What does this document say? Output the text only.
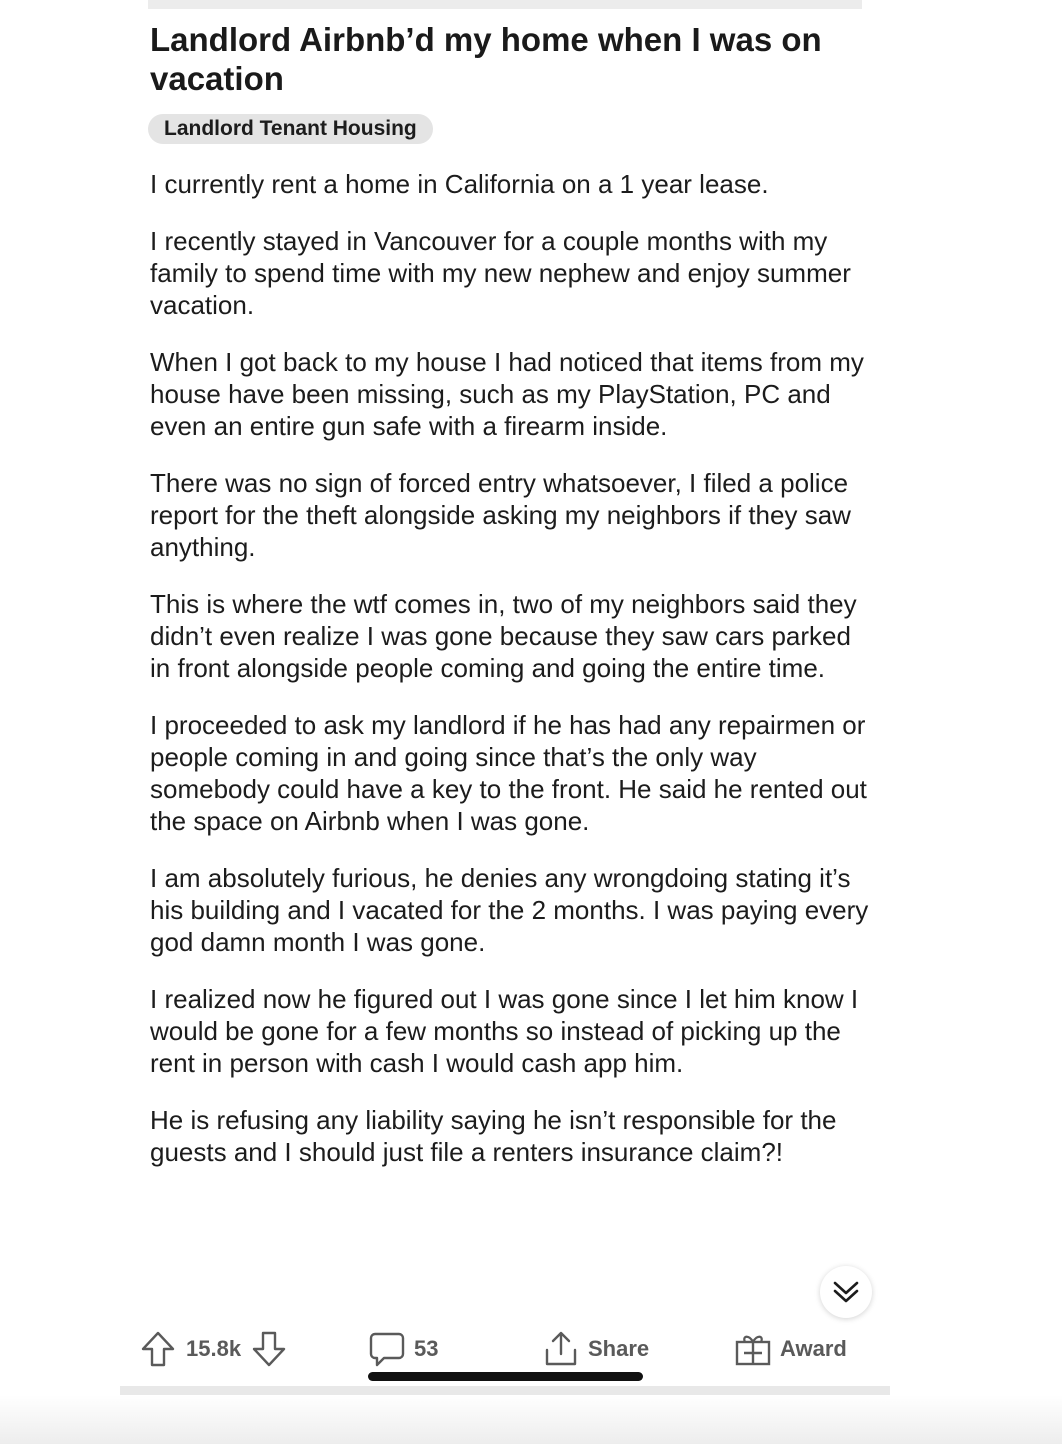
Landlord Airbnb’d my home when I was on vacation
Landlord Tenant Housing

I currently rent a home in California on a 1 year lease.

I recently stayed in Vancouver for a couple months with my family to spend time with my new nephew and enjoy summer vacation.

When I got back to my house I had noticed that items from my house have been missing, such as my PlayStation, PC and even an entire gun safe with a firearm inside.

There was no sign of forced entry whatsoever, I filed a police report for the theft alongside asking my neighbors if they saw anything.

This is where the wtf comes in, two of my neighbors said they didn’t even realize I was gone because they saw cars parked in front alongside people coming and going the entire time.

I proceeded to ask my landlord if he has had any repairmen or people coming in and going since that’s the only way somebody could have a key to the front. He said he rented out the space on Airbnb when I was gone.

I am absolutely furious, he denies any wrongdoing stating it’s his building and I vacated for the 2 months. I was paying every god damn month I was gone.

I realized now he figured out I was gone since I let him know I would be gone for a few months so instead of picking up the rent in person with cash I would cash app him.

He is refusing any liability saying he isn’t responsible for the guests and I should just file a renters insurance claim?!

15.8k	53	Share	Award
